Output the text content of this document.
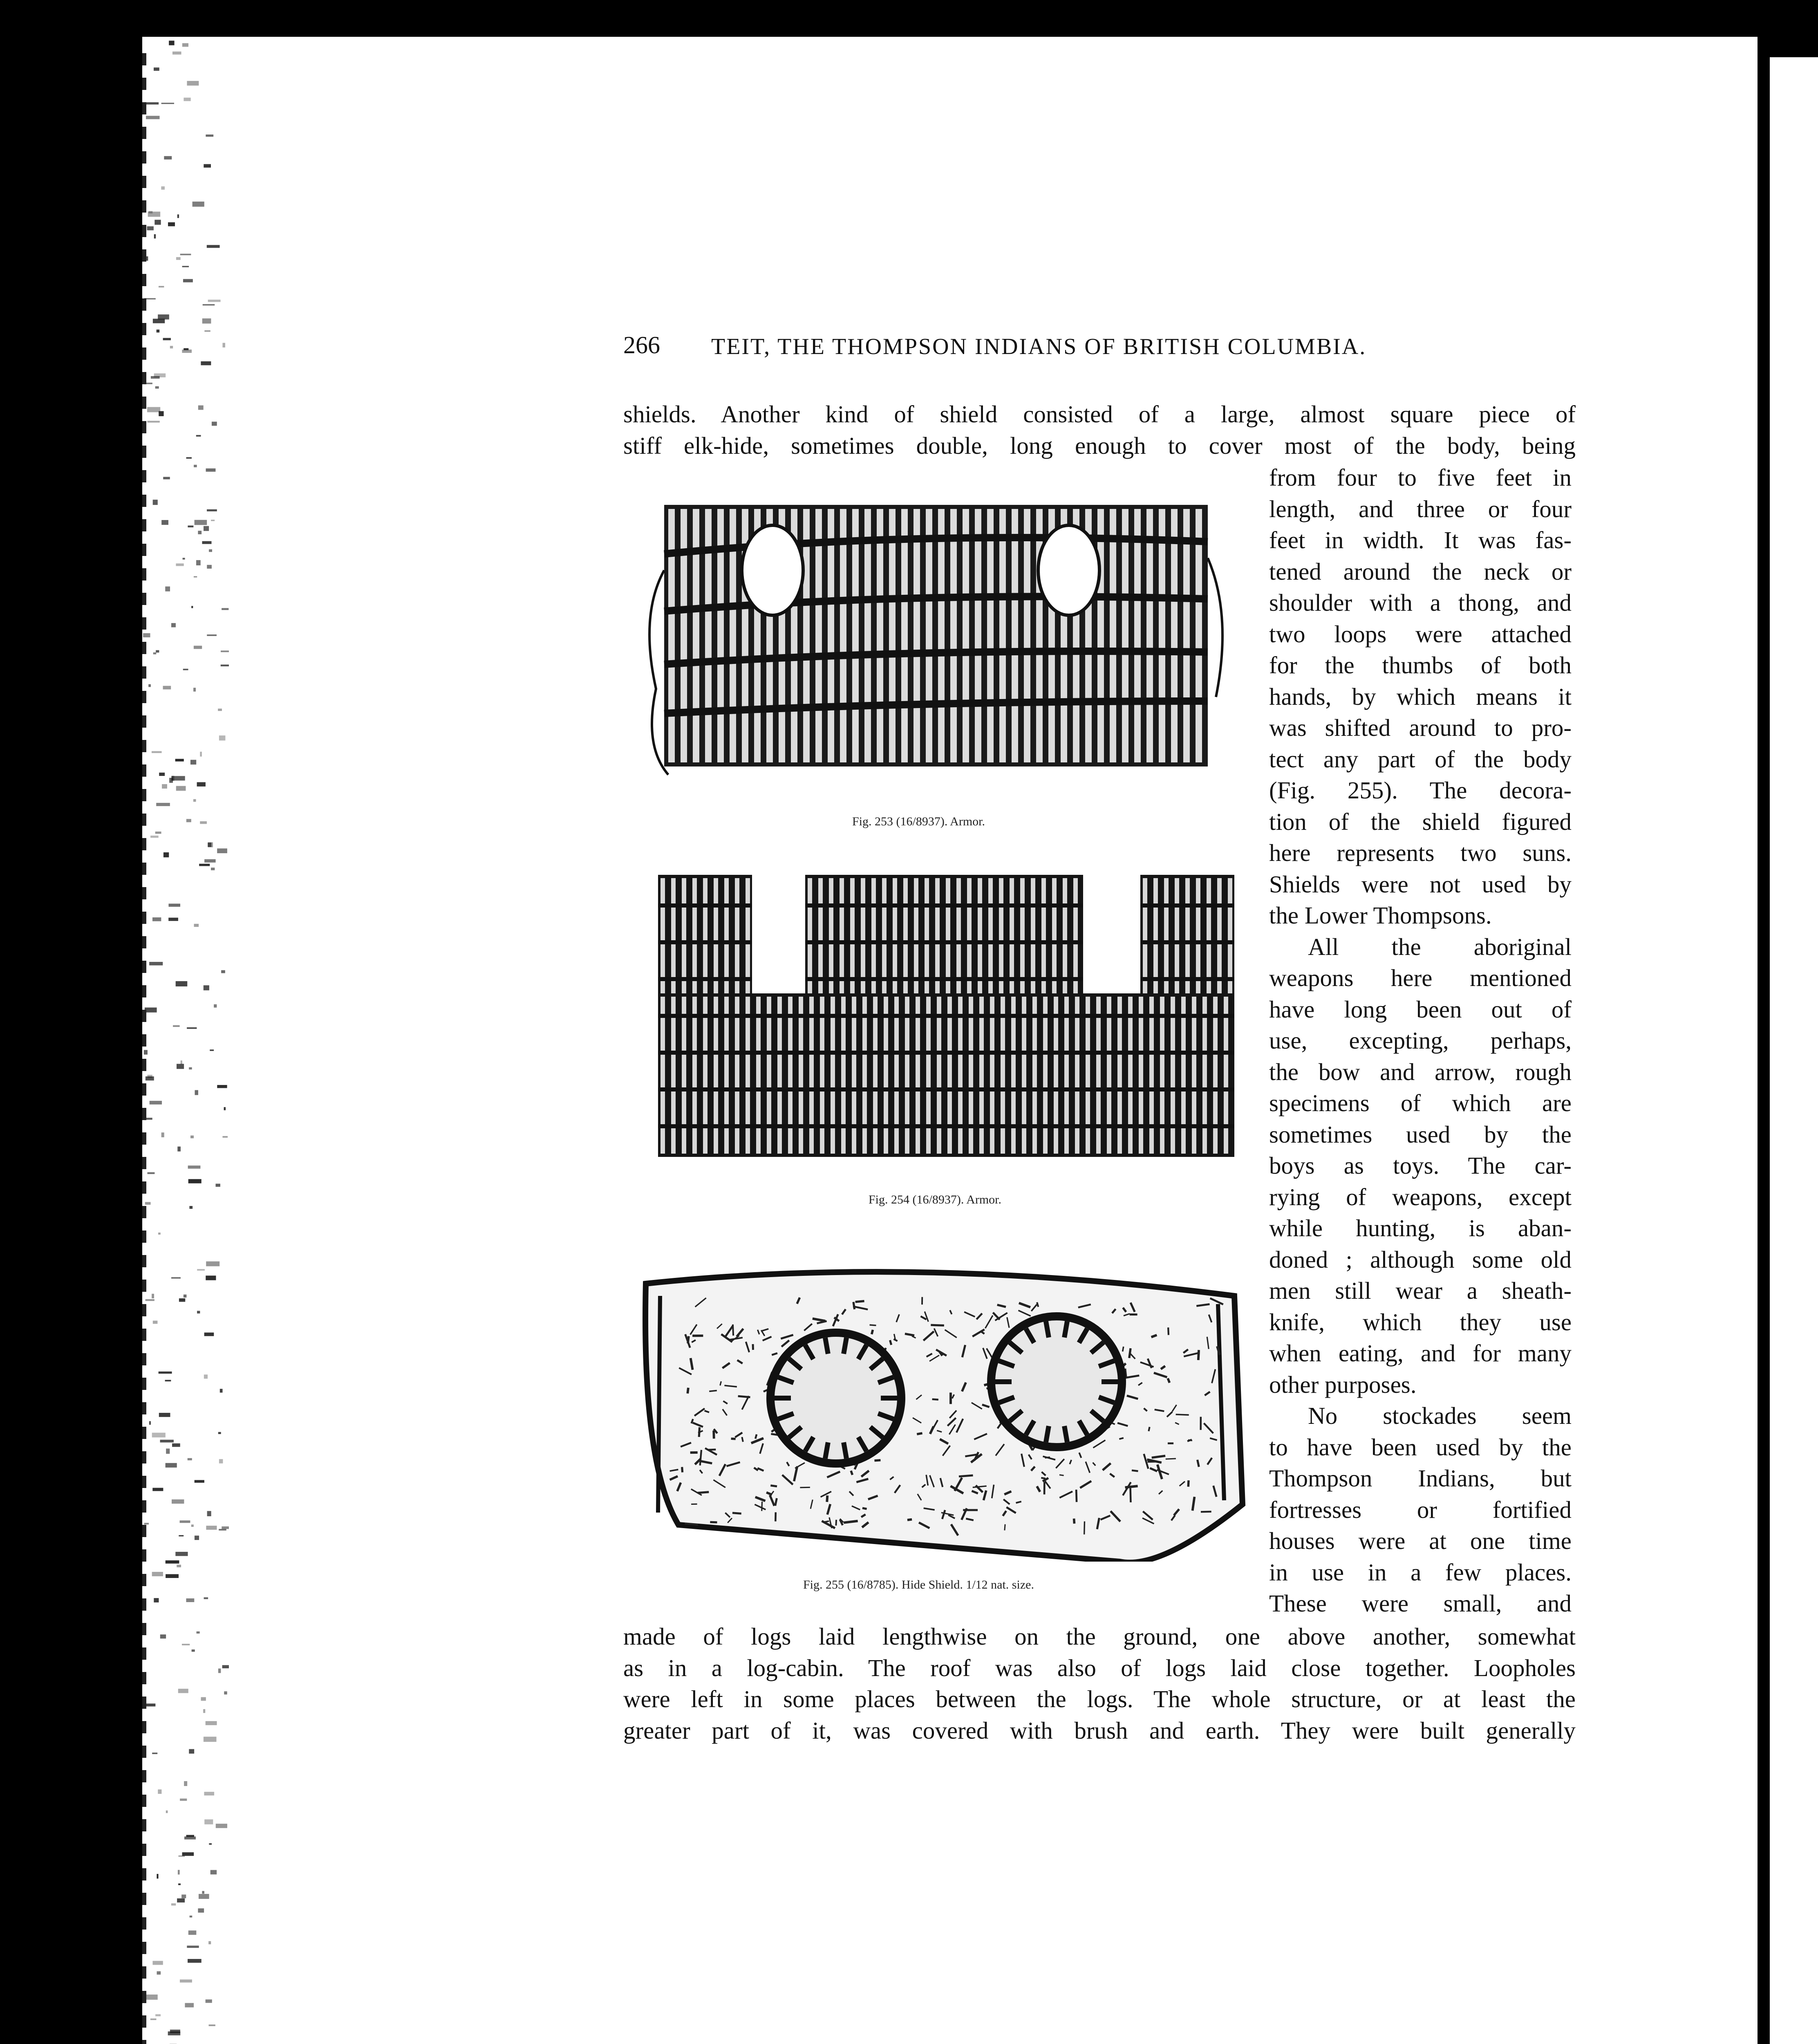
266 TEIT, THE THOMPSON INDIANS OF BRITISH COLUMBIA.
shields. Another kind of shield consisted of a large, almost square piece of
stiff elk-hide, sometimes double, long enough to cover most of the body, being
from four to five feet in
length, and three or four
feet in width. It was fas-
tened around the neck or
shoulder with a thong, and
two loops were attached
for the thumbs of both
hands, by which means it
was shifted around to pro-
tect any part of the body
(Fig. 255). The decora-
tion of the shield figured
here represents two suns.
Shields were not used by
the Lower Thompsons.
All the aboriginal
weapons here mentioned
have long been out of
use, excepting, perhaps,
the bow and arrow, rough
specimens of which are
sometimes used by the
boys as toys. The car-
rying of weapons, except
while hunting, is aban-
doned ; although some old
men still wear a sheath-
knife, which they use
when eating, and for many
other purposes.
No stockades seem
to have been used by the
Thompson Indians, but
fortresses or fortified
houses were at one time
in use in a few places.
These were small, and
made of logs laid lengthwise on the ground, one above another, somewhat
as in a log-cabin. The roof was also of logs laid close together. Loopholes
were left in some places between the logs. The whole structure, or at least the
greater part of it, was covered with brush and earth. They were built generally
Fig. 253 (16/8937). Armor.
Fig. 254 (16/8937). Armor.
Fig. 255 (16/8785). Hide Shield. 1/12 nat. size.
